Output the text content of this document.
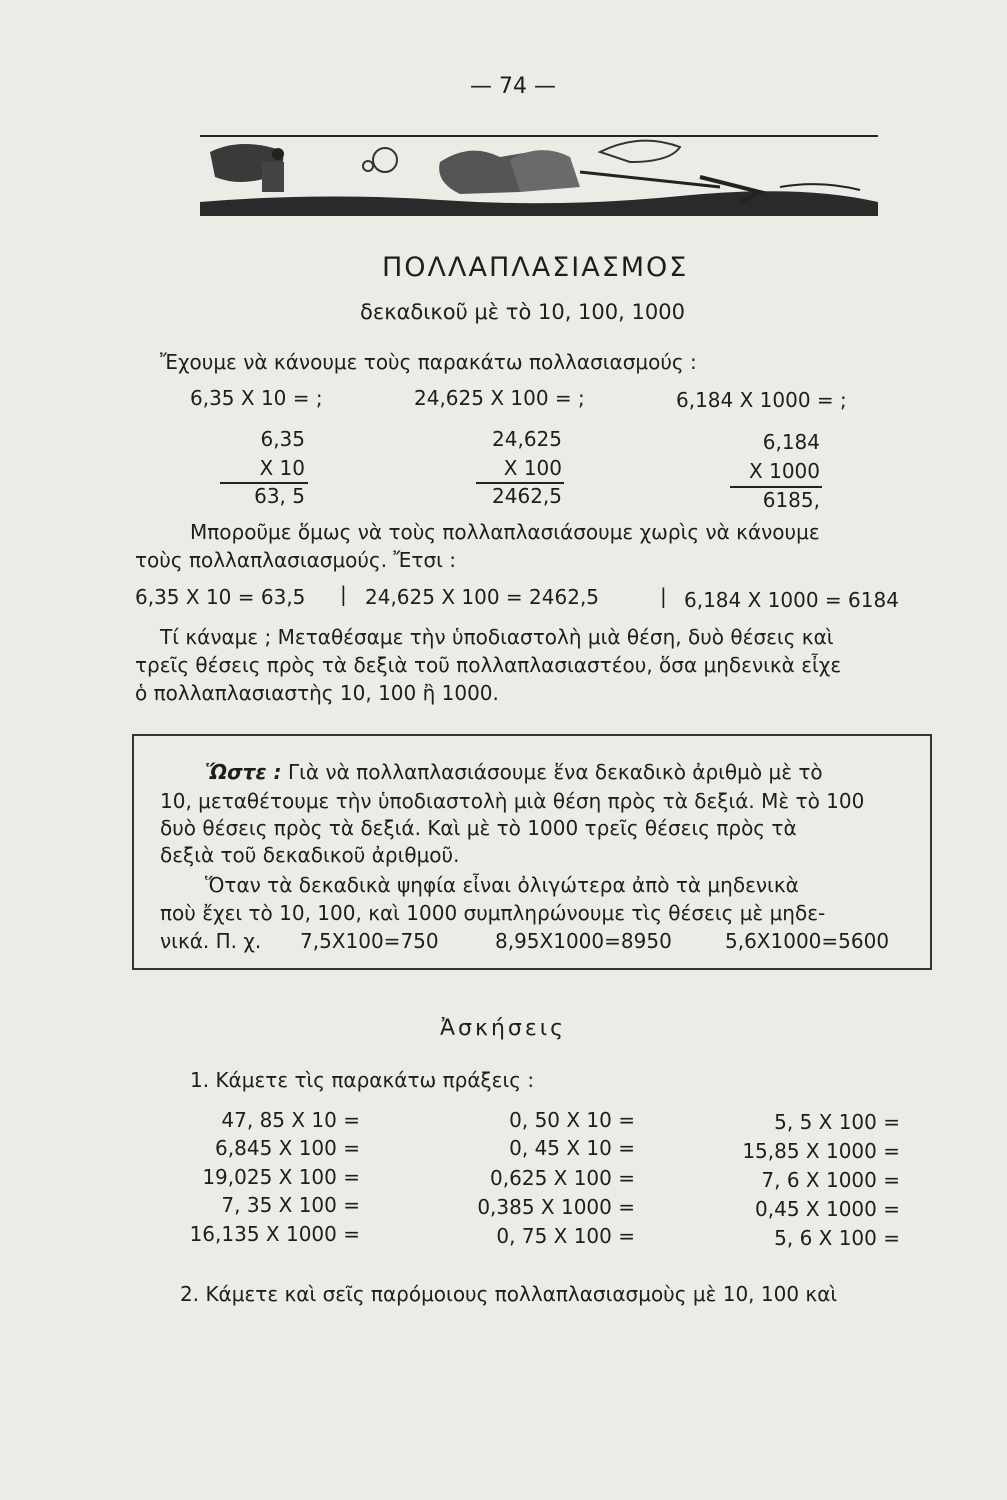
— 74 —
ΠΟΛΛΑΠΛΑΣΙΑΣΜΟΣ
δεκαδικοῦ μὲ τὸ 10, 100, 1000
Ἔχουμε νὰ κάνουμε τοὺς παρακάτω πολλασιασμούς :
6,35 X 10 = ;	24,625 X 100 = ;	6,184 X 1000 = ;
6,35
X 10
63, 5
24,625
X 100
2462,5
6,184
X 1000
6185,
Μποροῦμε ὅμως νὰ τοὺς πολλαπλασιάσουμε χωρὶς νὰ κάνουμε
τοὺς πολλαπλασιασμούς. Ἔτσι :
6,35 X 10 = 63,5 | 24,625 X 100 = 2462,5	| 6,184 X 1000 = 6184
Τί κάναμε ; Μεταθέσαμε τὴν ὑποδιαστολὴ μιὰ θέση, δυὸ θέσεις καὶ
τρεῖς θέσεις πρὸς τὰ δεξιὰ τοῦ πολλαπλασιαστέου, ὅσα μηδενικὰ εἶχε
ὁ πολλαπλασιαστὴς 10, 100 ἢ 1000.
Ὥστε : Γιὰ νὰ πολλαπλασιάσουμε ἕνα δεκαδικὸ ἀριθμὸ μὲ τὸ
10, μεταθέτουμε τὴν ὑποδιαστολὴ μιὰ θέση πρὸς τὰ δεξιά. Μὲ τὸ 100
δυὸ θέσεις πρὸς τὰ δεξιά. Καὶ μὲ τὸ 1000 τρεῖς θέσεις πρὸς τὰ
δεξιὰ τοῦ δεκαδικοῦ ἀριθμοῦ.
Ὅταν τὰ δεκαδικὰ ψηφία εἶναι ὀλιγώτερα ἀπὸ τὰ μηδενικὰ
ποὺ ἔχει τὸ 10, 100, καὶ 1000 συμπληρώνουμε τὶς θέσεις μὲ μηδε-
νικά. Π. χ. 7,5X100=750	8,95X1000=8950	5,6X1000=5600
Ἀσκήσεις
1. Κάμετε τὶς παρακάτω πράξεις :
47, 85 X 10 =	0, 50 X 10 =	5, 5 X 100 =
6,845 X 100 =	0, 45 X 10 =	15,85 X 1000 =
19,025 X 100 =	0,625 X 100 =	7, 6 X 1000 =
7, 35 X 100 =	0,385 X 1000 =	0,45 X 1000 =
16,135 X 1000 =	0, 75 X 100 =	5, 6 X 100 =
2. Κάμετε καὶ σεῖς παρόμοιους πολλαπλασιασμοὺς μὲ 10, 100 καὶ
